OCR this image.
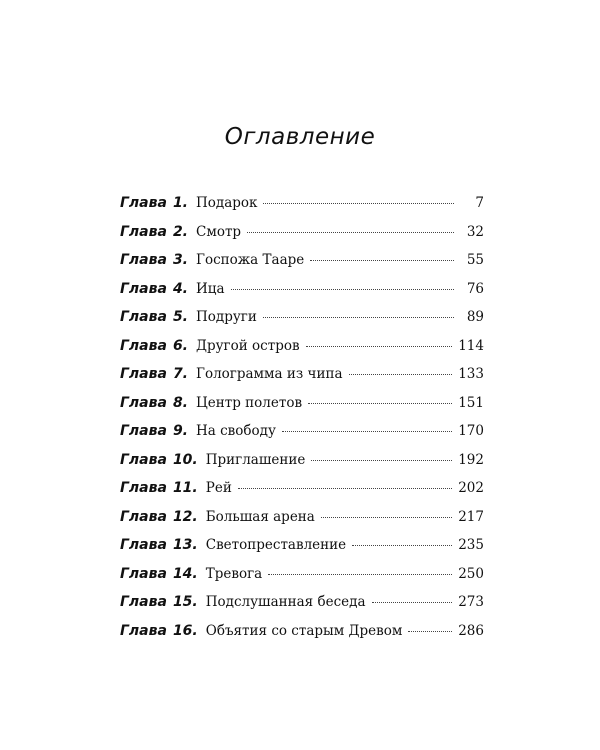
Оглавление
Глава 1. Подарок	7
Глава 2. Смотр	32
Глава 3. Госпожа Тааре	55
Глава 4. Ица	76
Глава 5. Подруги	89
Глава 6. Другой остров	114
Глава 7. Голограмма из чипа	133
Глава 8. Центр полетов	151
Глава 9. На свободу	170
Глава 10. Приглашение	192
Глава 11. Рей	202
Глава 12. Большая арена	217
Глава 13. Светопреставление	235
Глава 14. Тревога	250
Глава 15. Подслушанная беседа	273
Глава 16. Объятия со старым Древом	286
